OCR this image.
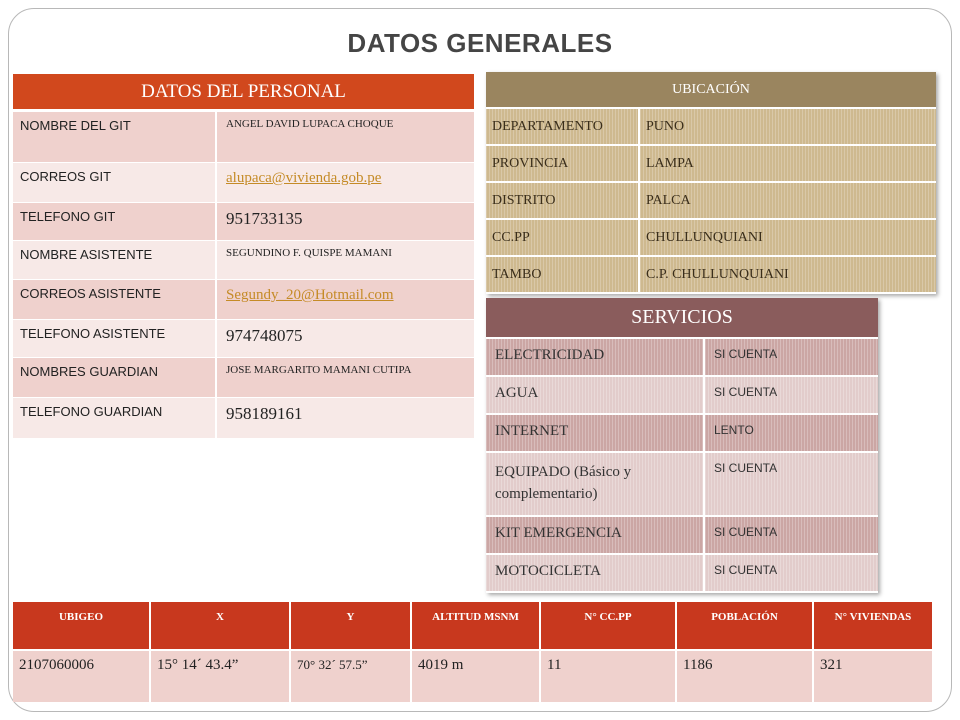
DATOS GENERALES
DATOS DEL PERSONAL	
NOMBRE DEL GIT	ANGEL DAVID LUPACA CHOQUE
CORREOS GIT	alupaca@vivienda.gob.pe
TELEFONO GIT	951733135
NOMBRE ASISTENTE	SEGUNDINO F. QUISPE MAMANI
CORREOS ASISTENTE	Segundy_20@Hotmail.com
TELEFONO ASISTENTE	974748075
NOMBRES GUARDIAN	JOSE MARGARITO MAMANI CUTIPA
TELEFONO GUARDIAN	958189161
UBICACIÓN	
DEPARTAMENTO	PUNO
PROVINCIA	LAMPA
DISTRITO	PALCA
CC.PP	CHULLUNQUIANI
TAMBO	C.P. CHULLUNQUIANI
SERVICIOS	
ELECTRICIDAD	SI CUENTA
AGUA	SI CUENTA
INTERNET	LENTO
EQUIPADO (Básico y complementario)	SI CUENTA
KIT EMERGENCIA	SI CUENTA
MOTOCICLETA	SI CUENTA
UBIGEO	X	Y	ALTITUD MSNM	N° CC.PP	POBLACIÓN	N° VIVIENDAS
2107060006	15° 14´ 43.4”	70° 32´ 57.5”	4019 m	11	1186	321
